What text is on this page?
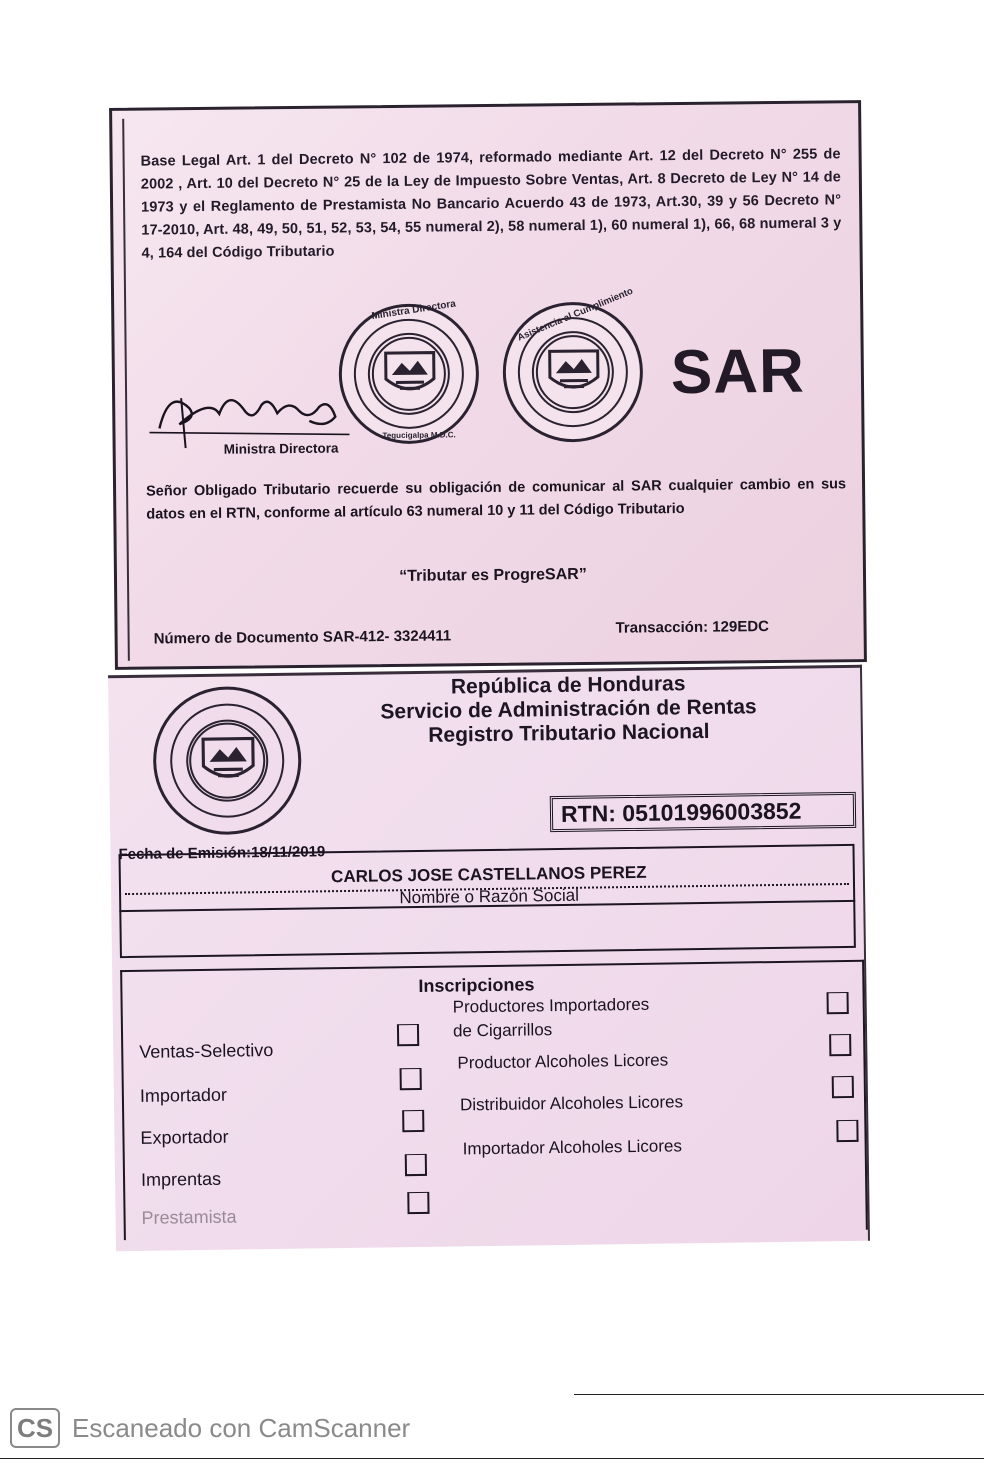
Base Legal Art. 1 del Decreto N° 102 de 1974, reformado mediante Art. 12 del Decreto N° 255 de 2002 , Art. 10 del Decreto N° 25 de la Ley de Impuesto Sobre Ventas, Art. 8 Decreto de Ley N° 14 de 1973 y el Reglamento de Prestamista No Bancario Acuerdo 43 de 1973, Art.30, 39 y 56 Decreto N° 17-2010, Art. 48, 49, 50, 51, 52, 53, 54, 55 numeral 2), 58 numeral 1), 60 numeral 1), 66, 68 numeral 3 y 4, 164 del Código Tributario
Ministra Directora
Tegucigalpa M.D.C.
Asistencia al Cumplimiento
SAR
Ministra Directora
Señor Obligado Tributario recuerde su obligación de comunicar al SAR cualquier cambio en sus datos en el RTN, conforme al artículo 63 numeral 10 y 11 del Código Tributario
“Tributar es ProgreSAR”
Número de Documento SAR-412- 3324411
Transacción: 129EDC
República de Honduras
Servicio de Administración de Rentas
Registro Tributario Nacional
RTN: 05101996003852
Fecha de Emisión:18/11/2019
CARLOS JOSE CASTELLANOS PEREZ
Nombre o Razón Social
Inscripciones
Ventas-Selectivo
Importador
Exportador
Imprentas
Prestamista
Productores Importadores
de Cigarrillos
Productor Alcoholes Licores
Distribuidor Alcoholes Licores
Importador Alcoholes Licores
CS Escaneado con CamScanner
